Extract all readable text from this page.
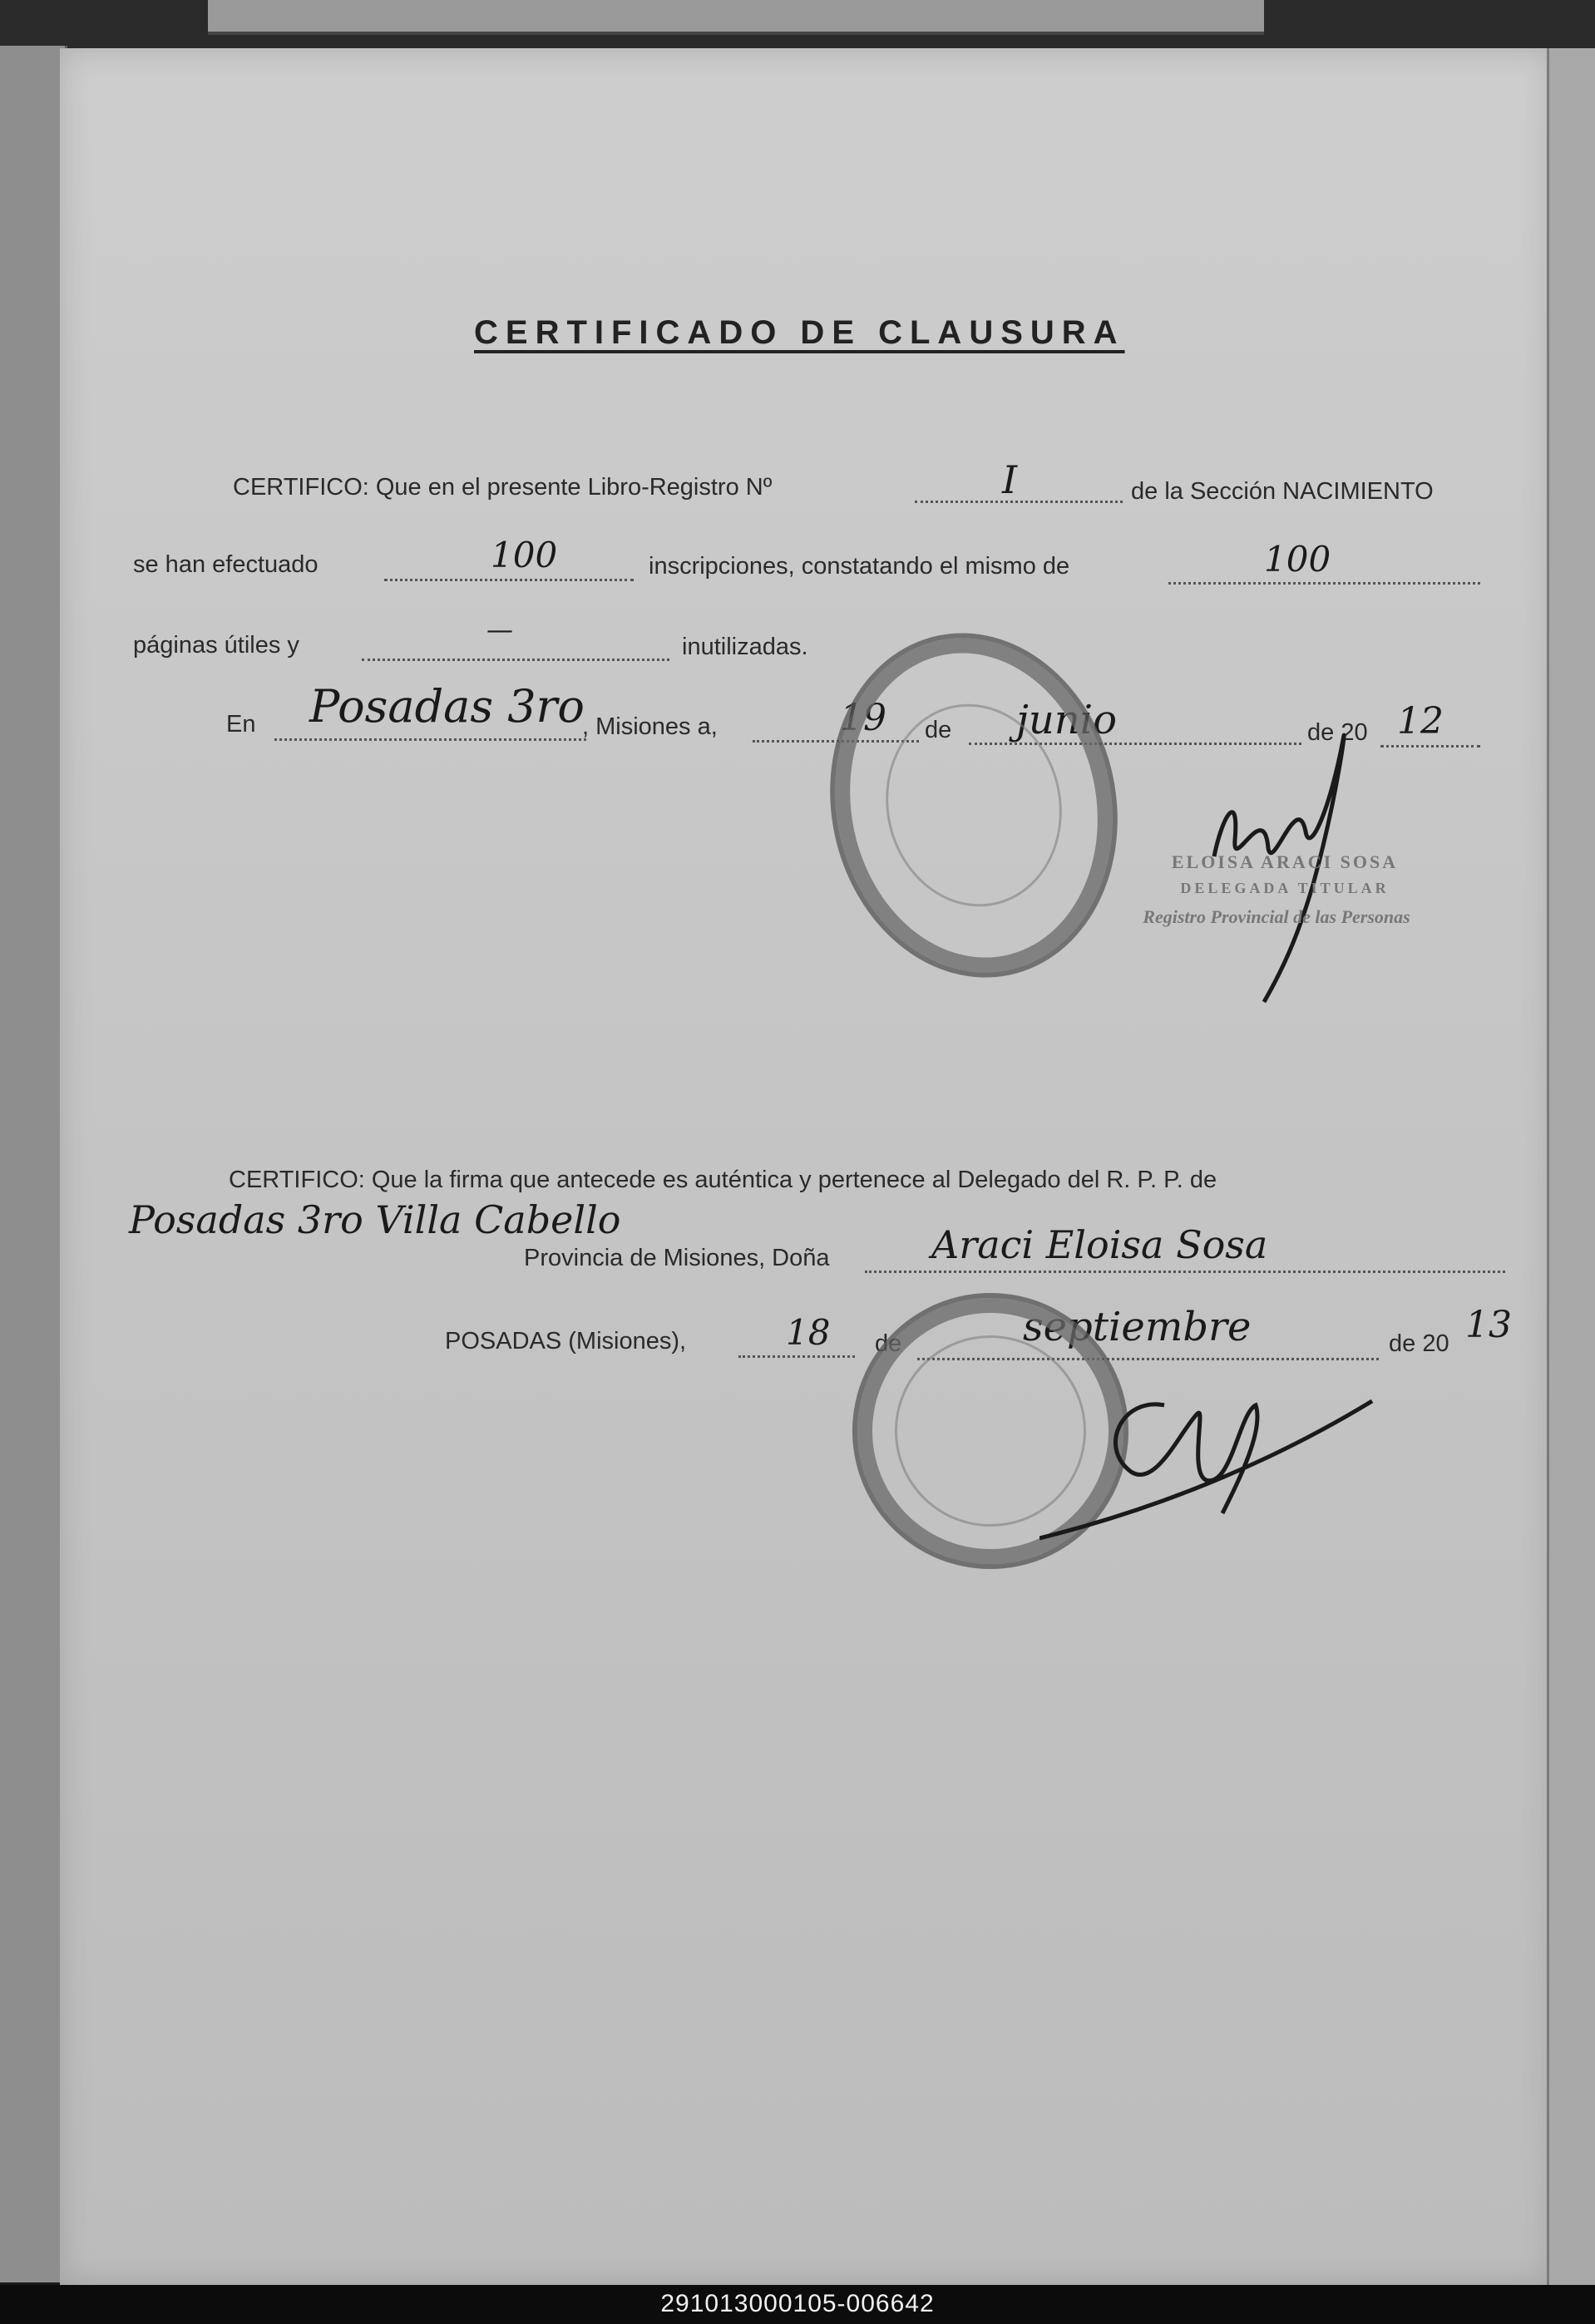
CERTIFICADO DE CLAUSURA
CERTIFICO: Que en el presente Libro-Registro Nº	I	de la Sección NACIMIENTO
se han efectuado	100	inscripciones, constatando el mismo de	100
páginas útiles y	—
inutilizadas.
En Posadas 3ro
, Misiones a,	19 de junio	de 20 12
ELOISA ARACI SOSA
DELEGADA TITULAR
Registro Provincial de las Personas
CERTIFICO: Que la firma que antecede es auténtica y pertenece al Delegado del R. P. P. de
Posadas 3ro Villa Cabello
Provincia de Misiones, Doña	Araci Eloisa Sosa
POSADAS (Misiones),	18 de	septiembre	de 20 13
291013000105-006642
